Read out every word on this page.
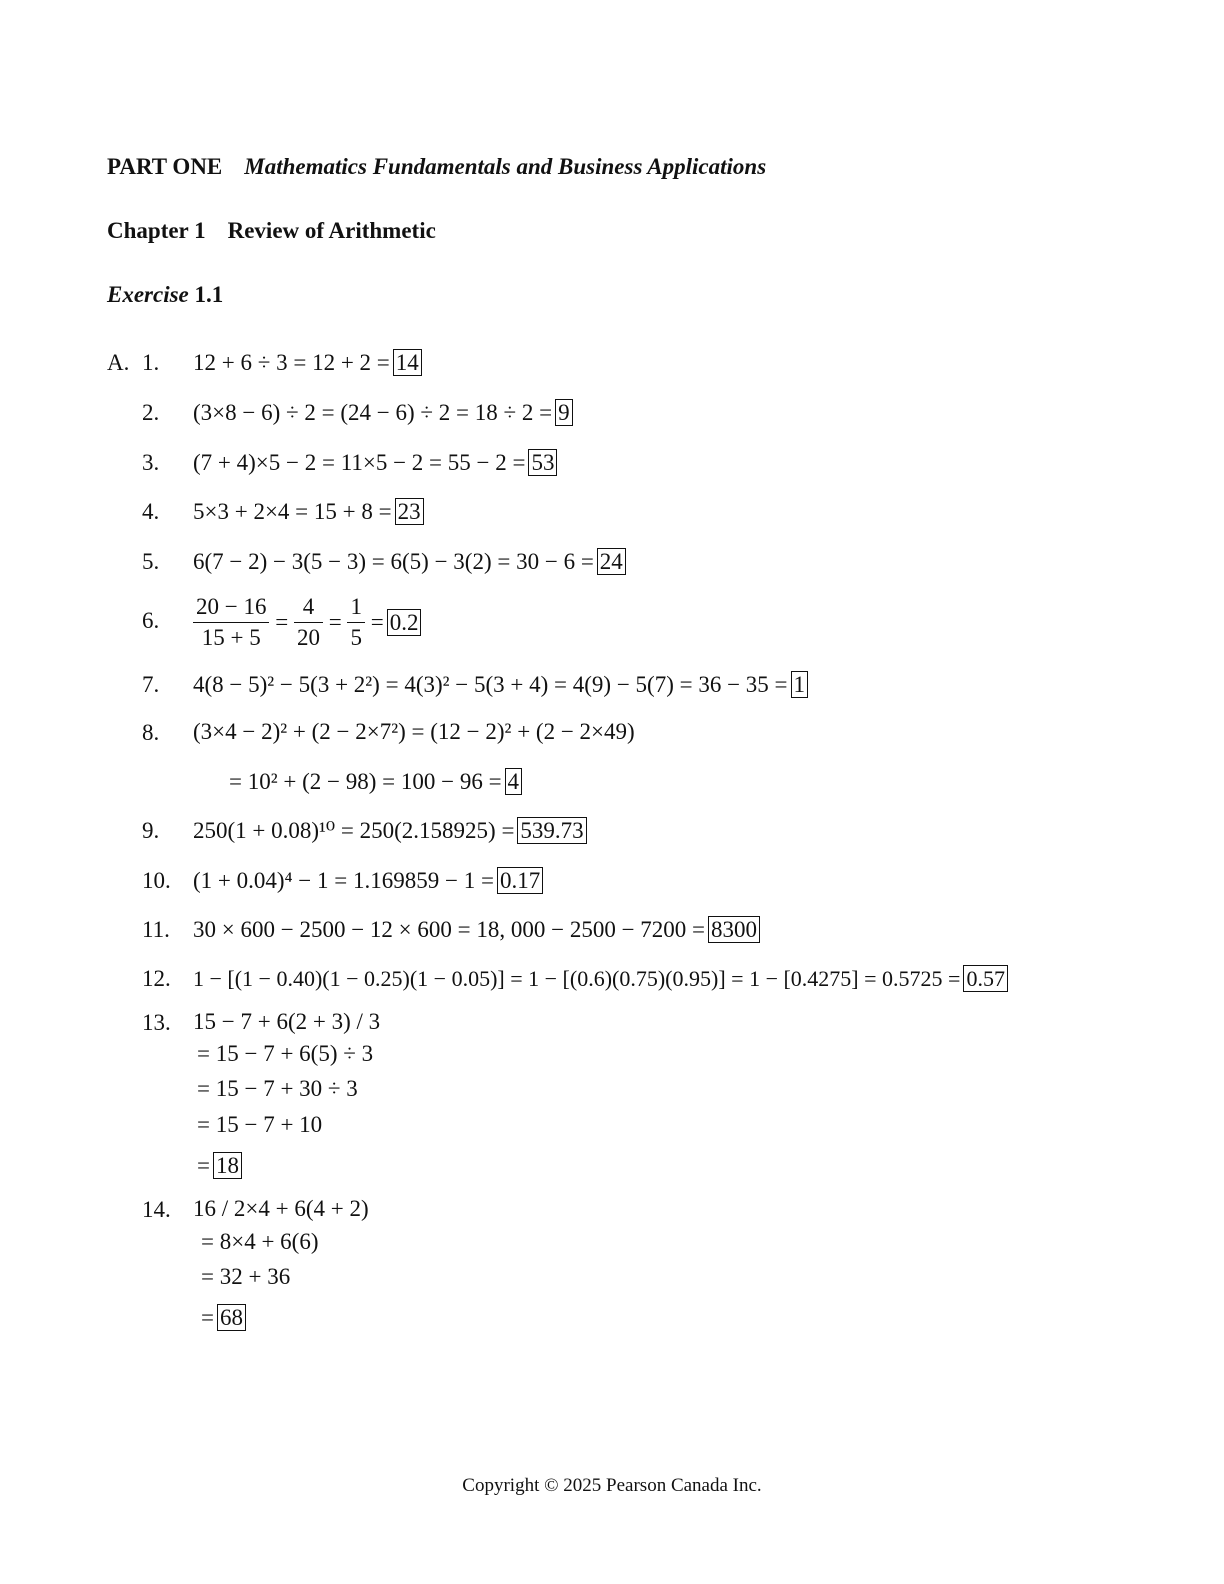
PART ONE Mathematics Fundamentals and Business Applications
Chapter 1 Review of Arithmetic
Exercise 1.1
A. 1.	12 + 6 ÷ 3 = 12 + 2 = 14
2.	(3×8 − 6) ÷ 2 = (24 − 6) ÷ 2 = 18 ÷ 2 = 9
3.	(7 + 4)×5 − 2 = 11×5 − 2 = 55 − 2 = 53
4.	5×3 + 2×4 = 15 + 8 = 23
5.	6(7 − 2) − 3(5 − 3) = 6(5) − 3(2) = 30 − 6 = 24
6.	$\frac{20 - 16}{15 + 5} = \frac{4}{20} = \frac{1}{5} = 0.2$
7.	4(8 − 5)² − 5(3 + 2²) = 4(3)² − 5(3 + 4) = 4(9) − 5(7) = 36 − 35 = 1
8.	(3×4 − 2)² + (2 − 2×7²) = (12 − 2)² + (2 − 2×49)
= 10² + (2 − 98) = 100 − 96 = 4
9.	250(1 + 0.08)¹⁰ = 250(2.158925) = 539.73
10. (1 + 0.04)⁴ − 1 = 1.169859 − 1 = 0.17
11.	30 × 600 − 2500 − 12 × 600 = 18, 000 − 2500 − 7200 = 8300
12.	1 − [(1 − 0.40)(1 − 0.25)(1 − 0.05)] = 1 − [(0.6)(0.75)(0.95)] = 1 − [0.4275] = 0.5725 = 0.57
13. 15 − 7 + 6(2 + 3) / 3
= 15 − 7 + 6(5) ÷ 3
= 15 − 7 + 30 ÷ 3
= 15 − 7 + 10
= 18
14. 16 / 2×4 + 6(4 + 2)
= 8×4 + 6(6)
= 32 + 36
= 68
Copyright © 2025 Pearson Canada Inc.
